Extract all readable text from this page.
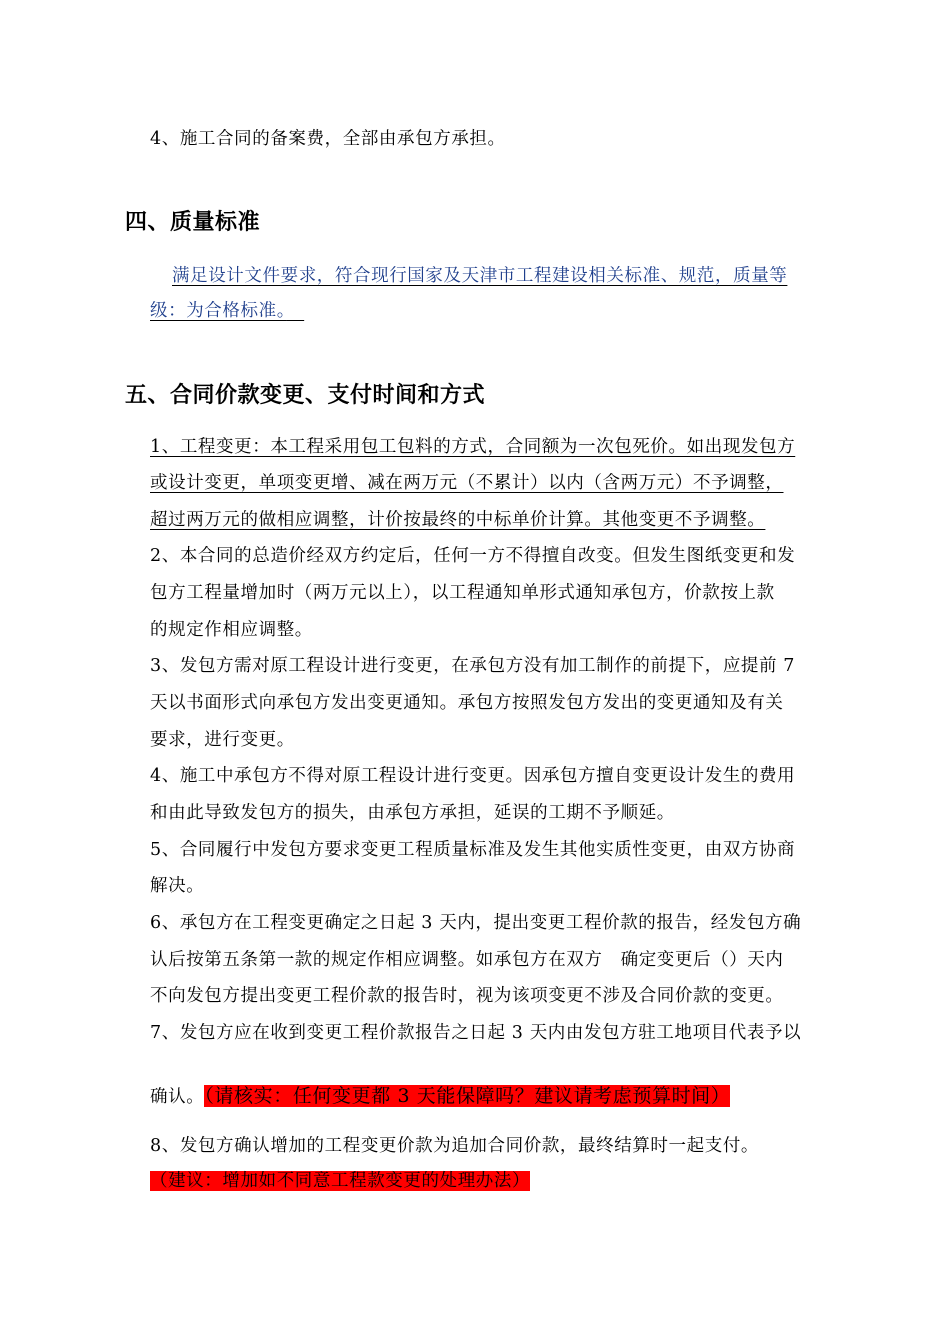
4、施工合同的备案费，全部由承包方承担。
四、质量标准
满足设计文件要求，符合现行国家及天津市工程建设相关标准、规范，质量等
级：为合格标准。　
五、合同价款变更、支付时间和方式
1、工程变更：本工程采用包工包料的方式，合同额为一次包死价。如出现发包方
或设计变更，单项变更增、减在两万元（不累计）以内（含两万元）不予调整，
超过两万元的做相应调整，计价按最终的中标单价计算。其他变更不予调整。
2、本合同的总造价经双方约定后，任何一方不得擅自改变。但发生图纸变更和发
包方工程量增加时（两万元以上），以工程通知单形式通知承包方，价款按上款
的规定作相应调整。
3、发包方需对原工程设计进行变更，在承包方没有加工制作的前提下，应提前 7
天以书面形式向承包方发出变更通知。承包方按照发包方发出的变更通知及有关
要求，进行变更。
4、施工中承包方不得对原工程设计进行变更。因承包方擅自变更设计发生的费用
和由此导致发包方的损失，由承包方承担，延误的工期不予顺延。
5、合同履行中发包方要求变更工程质量标准及发生其他实质性变更，由双方协商
解决。
6、承包方在工程变更确定之日起 3 天内，提出变更工程价款的报告，经发包方确
认后按第五条第一款的规定作相应调整。如承包方在双方　确定变更后（）天内
不向发包方提出变更工程价款的报告时，视为该项变更不涉及合同价款的变更。
7、发包方应在收到变更工程价款报告之日起 3 天内由发包方驻工地项目代表予以
确认。（请核实：任何变更都 3 天能保障吗？建议请考虑预算时间）
8、发包方确认增加的工程变更价款为追加合同价款，最终结算时一起支付。
（建议：增加如不同意工程款变更的处理办法）
